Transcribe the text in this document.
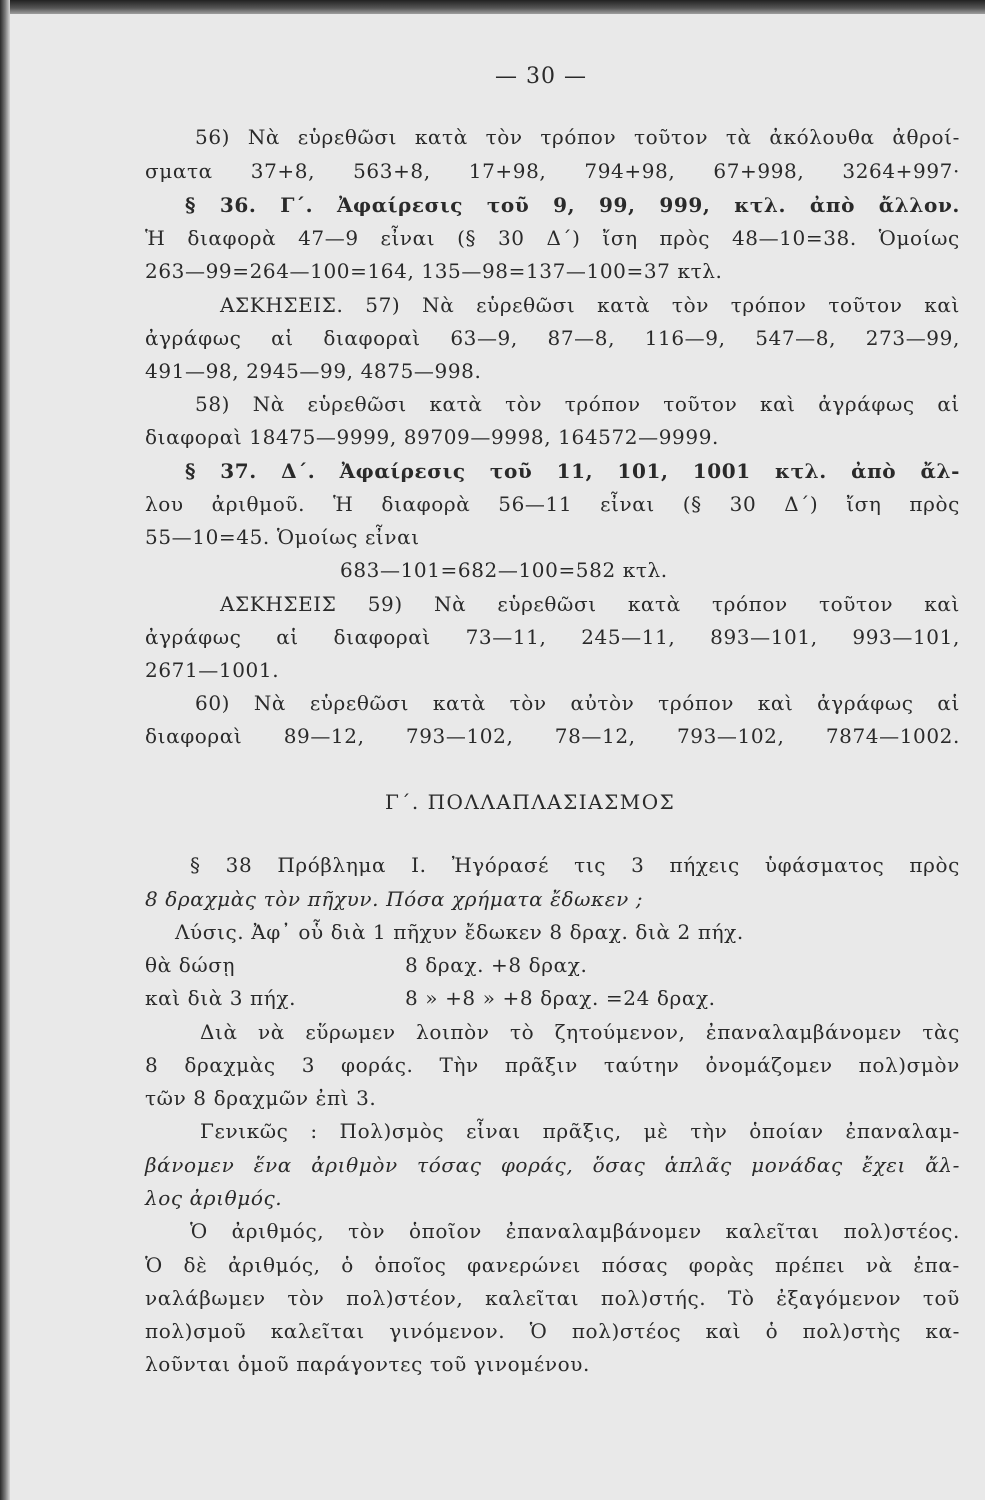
— 30 —
56) Νὰ εὑρεθῶσι κατὰ τὸν τρόπον τοῦτον τὰ ἀκόλουθα ἀθροί-
σματα 37+8, 563+8, 17+98, 794+98, 67+998, 3264+997·
§ 36. Γ΄. Ἀφαίρεσις τοῦ 9, 99, 999, κτλ. ἀπὸ ἄλλον.
Ἡ διαφορὰ 47—9 εἶναι (§ 30 Δ΄) ἴση πρὸς 48—10=38. Ὁμοίως
263—99=264—100=164, 135—98=137—100=37 κτλ.
ΑΣΚΗΣΕΙΣ. 57) Νὰ εὑρεθῶσι κατὰ τὸν τρόπον τοῦτον καὶ
ἀγράφως αἱ διαφοραὶ 63—9, 87—8, 116—9, 547—8, 273—99,
491—98, 2945—99, 4875—998.
58) Νὰ εὑρεθῶσι κατὰ τὸν τρόπον τοῦτον καὶ ἀγράφως αἱ
διαφοραὶ 18475—9999, 89709—9998, 164572—9999.
§ 37. Δ΄. Ἀφαίρεσις τοῦ 11, 101, 1001 κτλ. ἀπὸ ἄλ-
λου ἀριθμοῦ. Ἡ διαφορὰ 56—11 εἶναι (§ 30 Δ΄) ἴση πρὸς
55—10=45. Ὁμοίως εἶναι
683—101=682—100=582 κτλ.
ΑΣΚΗΣΕΙΣ 59) Νὰ εὑρεθῶσι κατὰ τρόπον τοῦτον καὶ
ἀγράφως αἱ διαφοραὶ 73—11, 245—11, 893—101, 993—101,
2671—1001.
60) Νὰ εὑρεθῶσι κατὰ τὸν αὐτὸν τρόπον καὶ ἀγράφως αἱ
διαφοραὶ 89—12, 793—102, 78—12, 793—102, 7874—1002.
Γ΄. ΠΟΛΛΑΠΛΑΣΙΑΣΜΟΣ
§ 38 Πρόβλημα Ι. Ἠγόρασέ τις 3 πήχεις ὑφάσματος πρὸς
8 δραχμὰς τὸν πῆχυν. Πόσα χρήματα ἔδωκεν ;
Λύσις. Ἀφ᾽ οὗ διὰ 1 πῆχυν ἔδωκεν 8 δραχ. διὰ 2 πήχ.
θὰ δώσῃ	8 δραχ. +8 δραχ.
καὶ διὰ 3 πήχ.	8 » +8 » +8 δραχ. =24 δραχ.
Διὰ νὰ εὕρωμεν λοιπὸν τὸ ζητούμενον, ἐπαναλαμβάνομεν τὰς
8 δραχμὰς 3 φοράς. Τὴν πρᾶξιν ταύτην ὀνομάζομεν πολ)σμὸν
τῶν 8 δραχμῶν ἐπὶ 3.
Γενικῶς : Πολ)σμὸς εἶναι πρᾶξις, μὲ τὴν ὁποίαν ἐπαναλαμ-
βάνομεν ἕνα ἀριθμὸν τόσας φοράς, ὅσας ἁπλᾶς μονάδας ἔχει ἄλ-
λος ἀριθμός.
Ὁ ἀριθμός, τὸν ὁποῖον ἐπαναλαμβάνομεν καλεῖται πολ)στέος.
Ὁ δὲ ἀριθμός, ὁ ὁποῖος φανερώνει πόσας φορὰς πρέπει νὰ ἐπα-
ναλάβωμεν τὸν πολ)στέον, καλεῖται πολ)στής. Τὸ ἐξαγόμενον τοῦ
πολ)σμοῦ καλεῖται γινόμενον. Ὁ πολ)στέος καὶ ὁ πολ)στὴς κα-
λοῦνται ὁμοῦ παράγοντες τοῦ γινομένου.
